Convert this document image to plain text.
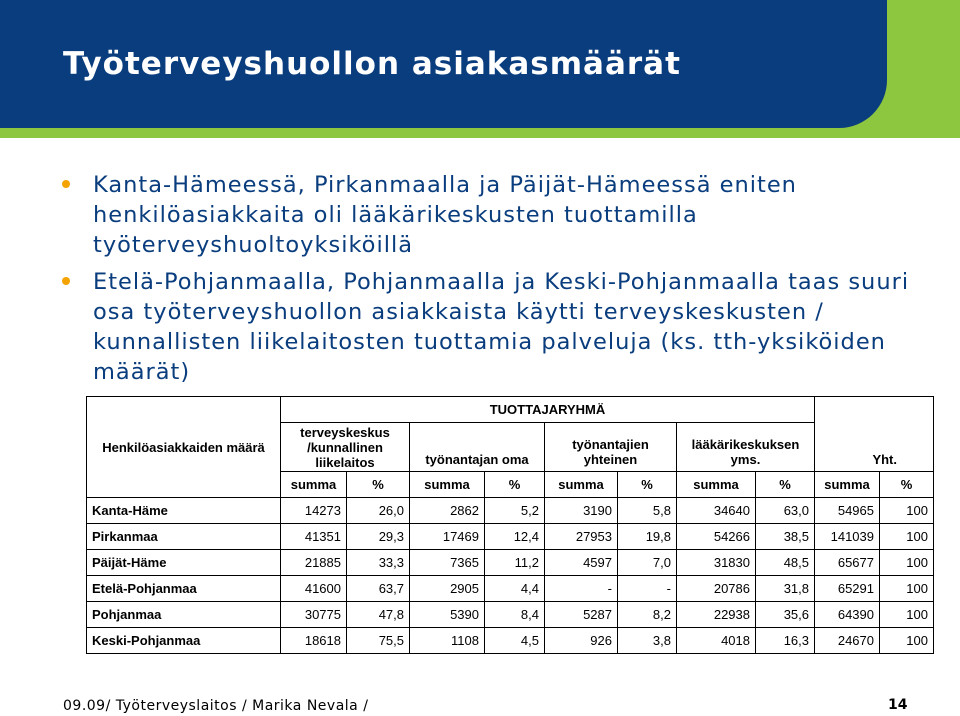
Työterveyshuollon asiakasmäärät
Kanta-Hämeessä, Pirkanmaalla ja Päijät-Hämeessä eniten henkilöasiakkaita oli lääkärikeskusten tuottamilla työterveyshuoltoyksiköillä
Etelä-Pohjanmaalla, Pohjanmaalla ja Keski-Pohjanmaalla taas suuri osa työterveyshuollon asiakkaista käytti terveyskeskusten / kunnallisten liikelaitosten tuottamia palveluja (ks. tth-yksiköiden määrät)
Henkilöasiakkaiden määrä	TUOTTAJARYHMÄ									
	terveyskeskus /kunnallinen liikelaitos		työnantajan oma		työnantajien yhteinen		lääkärikeskuksen yms.		Yht.	
	summa	%	summa	%	summa	%	summa	%	summa	%
Kanta-Häme	14273	26,0	2862	5,2	3190	5,8	34640	63,0	54965	100
Pirkanmaa	41351	29,3	17469	12,4	27953	19,8	54266	38,5	141039	100
Päijät-Häme	21885	33,3	7365	11,2	4597	7,0	31830	48,5	65677	100
Etelä-Pohjanmaa	41600	63,7	2905	4,4	-	-	20786	31,8	65291	100
Pohjanmaa	30775	47,8	5390	8,4	5287	8,2	22938	35,6	64390	100
Keski-Pohjanmaa	18618	75,5	1108	4,5	926	3,8	4018	16,3	24670	100
09.09/ Työterveyslaitos / Marika Nevala /	14
